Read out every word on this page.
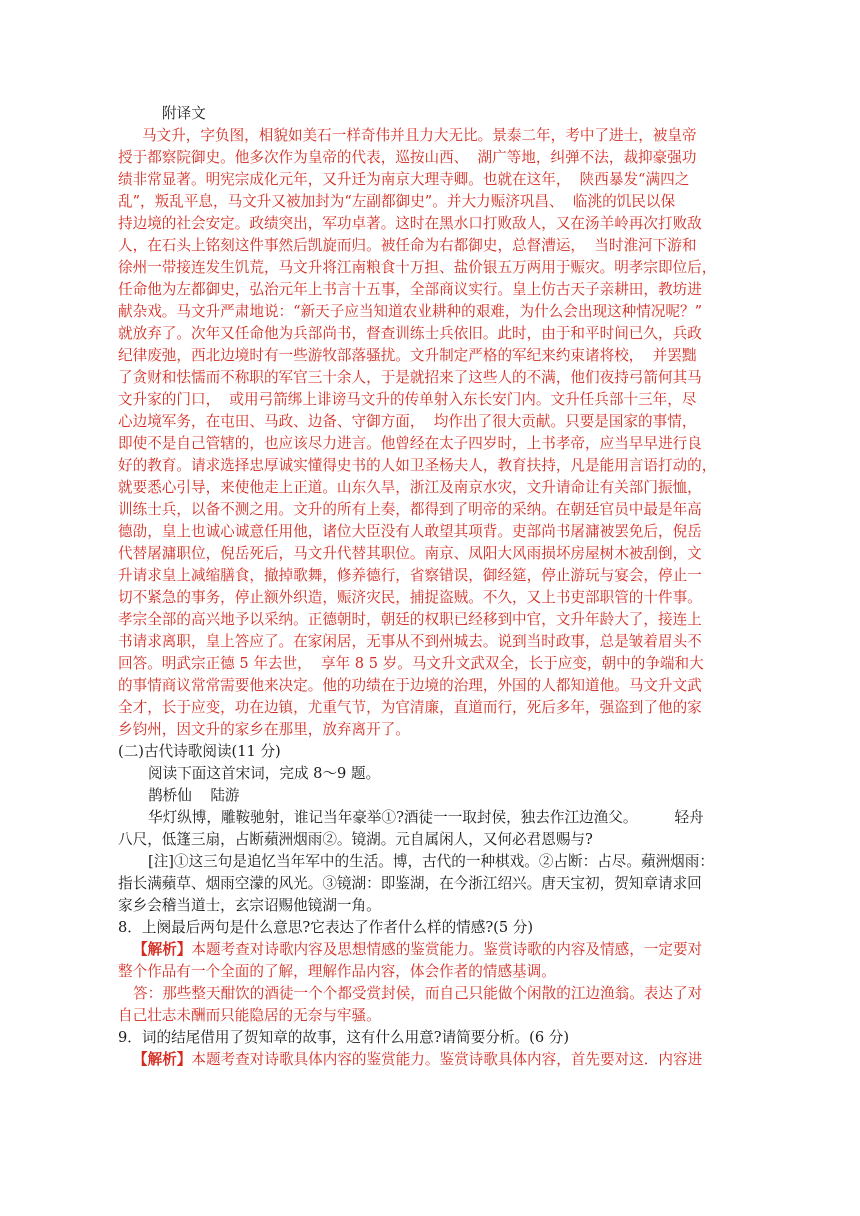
附译文
马文升，字负图，相貌如美石一样奇伟并且力大无比。景泰二年，考中了进士，被皇帝
授于都察院御史。他多次作为皇帝的代表，巡按山西、  湖广等地，纠弹不法，裁抑豪强功
绩非常显著。明宪宗成化元年，又升迁为南京大理寺卿。也就在这年，  陕西暴发“满四之
乱”，叛乱平息，马文升又被加封为“左副都御史”。并大力赈济巩昌、  临洮的饥民以保
持边境的社会安定。政绩突出，军功卓著。这时在黑水口打败敌人，又在汤羊岭再次打败敌
人，在石头上铭刻这件事然后凯旋而归。被任命为右都御史，总督漕运，  当时淮河下游和
徐州一带接连发生饥荒，马文升将江南粮食十万担、盐价银五万两用于赈灾。明孝宗即位后，
任命他为左都御史，弘治元年上书言十五事，全部商议实行。皇上仿古天子亲耕田，教坊进
献杂戏。马文升严肃地说：“新天子应当知道农业耕种的艰难，为什么会出现这种情况呢？”
就放弃了。次年又任命他为兵部尚书，督查训练士兵依旧。此时，由于和平时间已久，兵政
纪律废弛，西北边境时有一些游牧部落骚扰。文升制定严格的军纪来约束诸将校，  并罢黜
了贪财和怯懦而不称职的军官三十余人，于是就招来了这些人的不满，他们夜持弓箭何其马
文升家的门口，  或用弓箭绑上诽谤马文升的传单射入东长安门内。文升任兵部十三年，尽
心边境军务，在屯田、马政、边备、守御方面，  均作出了很大贡献。只要是国家的事情，
即使不是自己管辖的，也应该尽力进言。他曾经在太子四岁时，上书孝帝，应当早早进行良
好的教育。请求选择忠厚诚实懂得史书的人如卫圣杨夫人，教育扶持，凡是能用言语打动的，
就要悉心引导，来使他走上正道。山东久旱，浙江及南京水灾，文升请命让有关部门振恤，
训练士兵，以备不测之用。文升的所有上奏，都得到了明帝的采纳。在朝廷官员中最是年高
德劭，皇上也诚心诚意任用他，诸位大臣没有人敢望其项背。吏部尚书屠滽被罢免后，倪岳
代替屠滽职位，倪岳死后，马文升代替其职位。南京、凤阳大风雨损坏房屋树木被刮倒，文
升请求皇上减缩膳食，撤掉歌舞，修养德行，省察错误，御经筵，停止游玩与宴会，停止一
切不紧急的事务，停止额外织造，赈济灾民，捕捉盗贼。不久，又上书吏部职管的十件事。
孝宗全部的高兴地予以采纳。正德朝时，朝廷的权职已经移到中官，文升年龄大了，接连上
书请求离职，皇上答应了。在家闲居，无事从不到州城去。说到当时政事，总是皱着眉头不
回答。明武宗正德 5 年去世，  享年 8 5 岁。马文升文武双全，长于应变，朝中的争端和大
的事情商议常常需要他来决定。他的功绩在于边境的治理，外国的人都知道他。马文升文武
全才，长于应变，功在边镇，尤重气节，为官清廉，直道而行，死后多年，强盗到了他的家
乡钧州，因文升的家乡在那里，放弃离开了。
(二)古代诗歌阅读(11 分)
阅读下面这首宋词，完成 8～9 题。
鹊桥仙    陆游
华灯纵博，雕鞍驰射，谁记当年豪举①?酒徒一一取封侯，独去作江边渔父。        轻舟
八尺，低篷三扇，占断蘋洲烟雨②。镜湖。元自属闲人，又何必君恩赐与?
[注]①这三句是追忆当年军中的生活。博，古代的一种棋戏。②占断：占尽。蘋洲烟雨：
指长满蘋草、烟雨空濛的风光。③镜湖：即鉴湖，在今浙江绍兴。唐天宝初，贺知章请求回
家乡会稽当道士，玄宗诏赐他镜湖一角。
8．上阕最后两句是什么意思?它表达了作者什么样的情感?(5 分)
【解析】本题考查对诗歌内容及思想情感的鉴赏能力。鉴赏诗歌的内容及情感，一定要对
整个作品有一个全面的了解，理解作品内容，体会作者的情感基调。
答：那些整天酣饮的酒徒一个个都受赏封侯，而自己只能做个闲散的江边渔翁。表达了对
自己壮志未酬而只能隐居的无奈与牢骚。
9．词的结尾借用了贺知章的故事，这有什么用意?请简要分析。(6 分)
【解析】本题考查对诗歌具体内容的鉴赏能力。鉴赏诗歌具体内容，首先要对这．内容进
